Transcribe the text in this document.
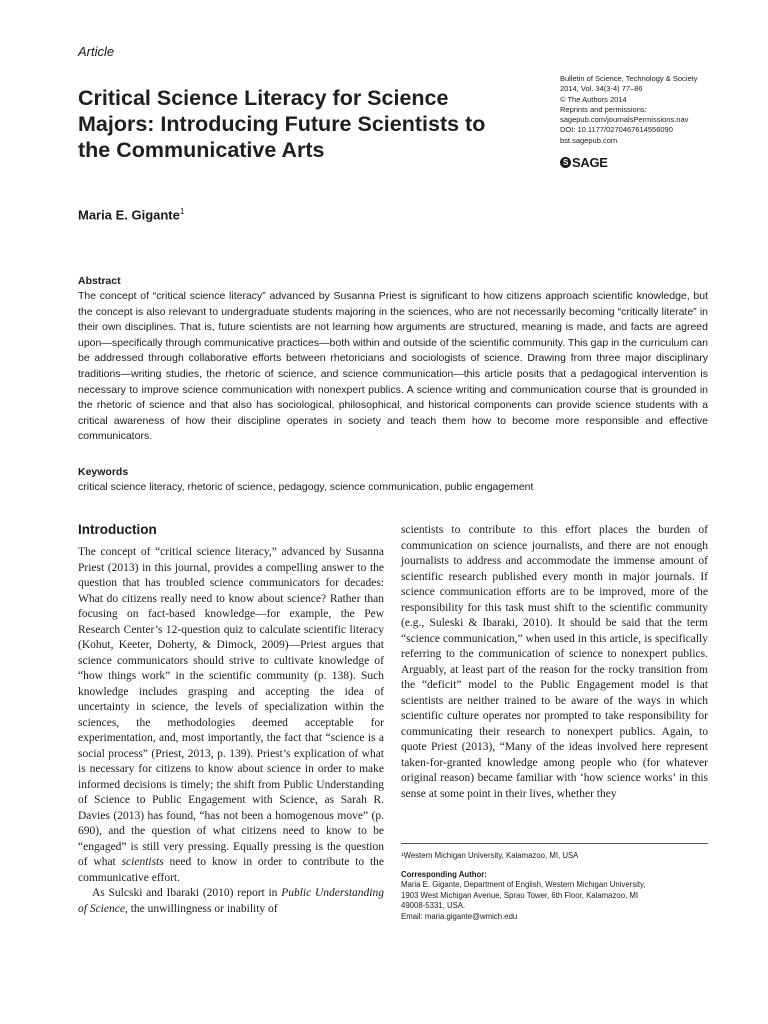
Article
Critical Science Literacy for Science Majors: Introducing Future Scientists to the Communicative Arts
Bulletin of Science, Technology & Society
2014, Vol. 34(3-4) 77–86
© The Authors 2014
Reprints and permissions:
sagepub.com/journalsPermissions.nav
DOI: 10.1177/0270467614556090
bst.sagepub.com
S SAGE
Maria E. Gigante$^1$
Abstract
The concept of “critical science literacy” advanced by Susanna Priest is significant to how citizens approach scientific knowledge, but the concept is also relevant to undergraduate students majoring in the sciences, who are not necessarily becoming “critically literate” in their own disciplines. That is, future scientists are not learning how arguments are structured, meaning is made, and facts are agreed upon—specifically through communicative practices—both within and outside of the scientific community. This gap in the curriculum can be addressed through collaborative efforts between rhetoricians and sociologists of science. Drawing from three major disciplinary traditions—writing studies, the rhetoric of science, and science communication—this article posits that a pedagogical intervention is necessary to improve science communication with nonexpert publics. A science writing and communication course that is grounded in the rhetoric of science and that also has sociological, philosophical, and historical components can provide science students with a critical awareness of how their discipline operates in society and teach them how to become more responsible and effective communicators.
Keywords
critical science literacy, rhetoric of science, pedagogy, science communication, public engagement
Introduction

The concept of “critical science literacy,” advanced by Susanna Priest (2013) in this journal, provides a compelling answer to the question that has troubled science communicators for decades: What do citizens really need to know about science? Rather than focusing on fact-based knowledge—for example, the Pew Research Center’s 12-question quiz to calculate scientific literacy (Kohut, Keeter, Doherty, & Dimock, 2009)—Priest argues that science communicators should strive to cultivate knowledge of “how things work” in the scientific community (p. 138). Such knowledge includes grasping and accepting the idea of uncertainty in science, the levels of specialization within the sciences, the methodologies deemed acceptable for experimentation, and, most importantly, the fact that “science is a social process” (Priest, 2013, p. 139). Priest’s explication of what is necessary for citizens to know about science in order to make informed decisions is timely; the shift from Public Understanding of Science to Public Engagement with Science, as Sarah R. Davies (2013) has found, “has not been a homogenous move” (p. 690), and the question of what citizens need to know to be “engaged” is still very pressing. Equally pressing is the question of what scientists need to know in order to contribute to the communicative effort.

As Sulcski and Ibaraki (2010) report in Public Understanding of Science, the unwillingness or inability of

scientists to contribute to this effort places the burden of communication on science journalists, and there are not enough journalists to address and accommodate the immense amount of scientific research published every month in major journals. If science communication efforts are to be improved, more of the responsibility for this task must shift to the scientific community (e.g., Suleski & Ibaraki, 2010). It should be said that the term “science communication,” when used in this article, is specifically referring to the communication of science to nonexpert publics. Arguably, at least part of the reason for the rocky transition from the “deficit” model to the Public Engagement model is that scientists are neither trained to be aware of the ways in which scientific culture operates nor prompted to take responsibility for communicating their research to nonexpert publics. Again, to quote Priest (2013), “Many of the ideas involved here represent taken-for-granted knowledge among people who (for whatever original reason) became familiar with ‘how science works’ in this sense at some point in their lives, whether they
¹Western Michigan University, Kalamazoo, MI, USA
Corresponding Author:
Maria E. Gigante, Department of English, Western Michigan University,
1903 West Michigan Avenue, Sprau Tower, 6th Floor, Kalamazoo, MI
49008-5331, USA.
Email: maria.gigante@wmich.edu
